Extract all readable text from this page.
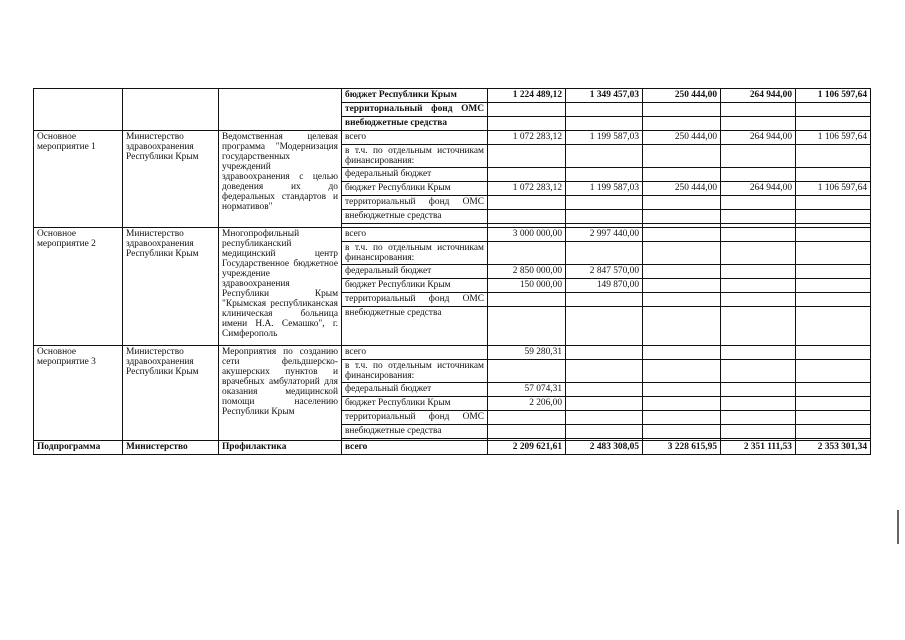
			бюджет Республики Крым	1 224 489,12	1 349 457,03	250 444,00	264 944,00	1 106 597,64
			территориальный фонд ОМС					
			внебюджетные средства					
Основное мероприятие 1	Министерство здравоохранения Республики Крым	Ведомственная целевая программа "Модернизация государственных учреждений здравоохранения с целью доведения их до федеральных стандартов и нормативов"	всего	1 072 283,12	1 199 587,03	250 444,00	264 944,00	1 106 597,64
			в т.ч. по отдельным источникам финансирования:					
			федеральный бюджет					
			бюджет Республики Крым	1 072 283,12	1 199 587,03	250 444,00	264 944,00	1 106 597,64
			территориальный фонд ОМС					
			внебюджетные средства					

Основное мероприятие 2	Министерство здравоохранения Республики Крым	Многопрофильный республиканский медицинский центр Государственное бюджетное учреждение здравоохранения Республики Крым "Крымская республиканская клиническая больница имени Н.А. Семашко", г. Симферополь	всего	3 000 000,00	2 997 440,00			
			в т.ч. по отдельным источникам финансирования:					
			федеральный бюджет	2 850 000,00	2 847 570,00			
			бюджет Республики Крым	150 000,00	149 870,00			
			территориальный фонд ОМС					
			внебюджетные средства					
Основное мероприятие 3	Министерство здравоохранения Республики Крым	Мероприятия по созданию сети фельдшерско-акушерских пунктов и врачебных амбулаторий для оказания медицинской помощи населению Республики Крым	всего	59 280,31				
			в т.ч. по отдельным источникам финансирования:					
			федеральный бюджет	57 074,31				
			бюджет Республики Крым	2 206,00				
			территориальный фонд ОМС					
			внебюджетные средства					

Подпрограмма	Министерство	Профилактика	всего	2 209 621,61	2 483 308,05	3 228 615,95	2 351 111,53	2 353 301,34
